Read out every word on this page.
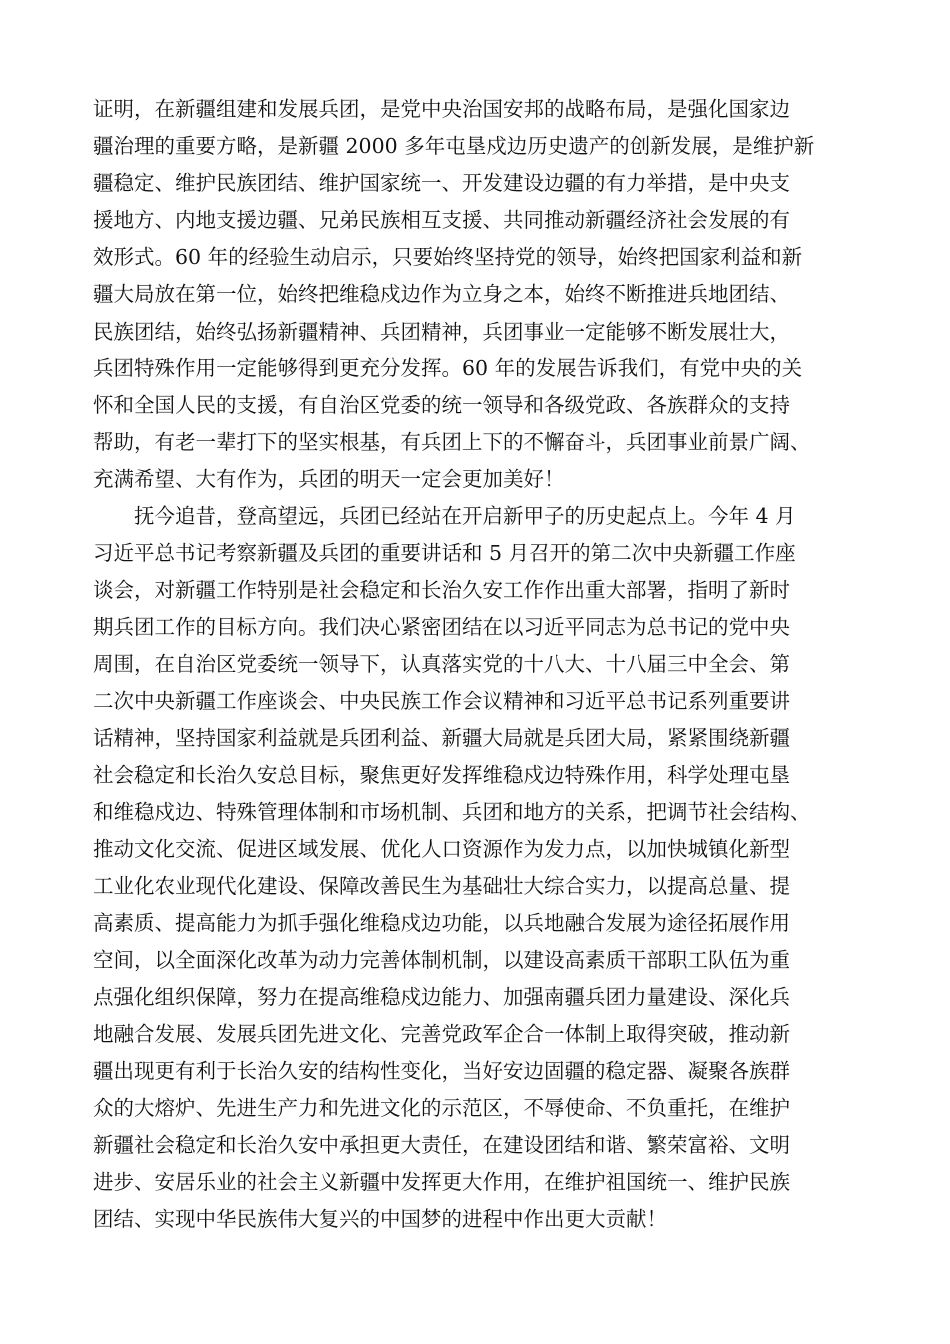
证明，在新疆组建和发展兵团，是党中央治国安邦的战略布局，是强化国家边
疆治理的重要方略，是新疆 2000 多年屯垦戍边历史遗产的创新发展，是维护新
疆稳定、维护民族团结、维护国家统一、开发建设边疆的有力举措，是中央支
援地方、内地支援边疆、兄弟民族相互支援、共同推动新疆经济社会发展的有
效形式。60 年的经验生动启示，只要始终坚持党的领导，始终把国家利益和新
疆大局放在第一位，始终把维稳戍边作为立身之本，始终不断推进兵地团结、
民族团结，始终弘扬新疆精神、兵团精神，兵团事业一定能够不断发展壮大，
兵团特殊作用一定能够得到更充分发挥。60 年的发展告诉我们，有党中央的关
怀和全国人民的支援，有自治区党委的统一领导和各级党政、各族群众的支持
帮助，有老一辈打下的坚实根基，有兵团上下的不懈奋斗，兵团事业前景广阔、
充满希望、大有作为，兵团的明天一定会更加美好！
抚今追昔，登高望远，兵团已经站在开启新甲子的历史起点上。今年 4 月
习近平总书记考察新疆及兵团的重要讲话和 5 月召开的第二次中央新疆工作座
谈会，对新疆工作特别是社会稳定和长治久安工作作出重大部署，指明了新时
期兵团工作的目标方向。我们决心紧密团结在以习近平同志为总书记的党中央
周围，在自治区党委统一领导下，认真落实党的十八大、十八届三中全会、第
二次中央新疆工作座谈会、中央民族工作会议精神和习近平总书记系列重要讲
话精神，坚持国家利益就是兵团利益、新疆大局就是兵团大局，紧紧围绕新疆
社会稳定和长治久安总目标，聚焦更好发挥维稳戍边特殊作用，科学处理屯垦
和维稳戍边、特殊管理体制和市场机制、兵团和地方的关系，把调节社会结构、
推动文化交流、促进区域发展、优化人口资源作为发力点，以加快城镇化新型
工业化农业现代化建设、保障改善民生为基础壮大综合实力，以提高总量、提
高素质、提高能力为抓手强化维稳戍边功能，以兵地融合发展为途径拓展作用
空间，以全面深化改革为动力完善体制机制，以建设高素质干部职工队伍为重
点强化组织保障，努力在提高维稳戍边能力、加强南疆兵团力量建设、深化兵
地融合发展、发展兵团先进文化、完善党政军企合一体制上取得突破，推动新
疆出现更有利于长治久安的结构性变化，当好安边固疆的稳定器、凝聚各族群
众的大熔炉、先进生产力和先进文化的示范区，不辱使命、不负重托，在维护
新疆社会稳定和长治久安中承担更大责任，在建设团结和谐、繁荣富裕、文明
进步、安居乐业的社会主义新疆中发挥更大作用，在维护祖国统一、维护民族
团结、实现中华民族伟大复兴的中国梦的进程中作出更大贡献！
